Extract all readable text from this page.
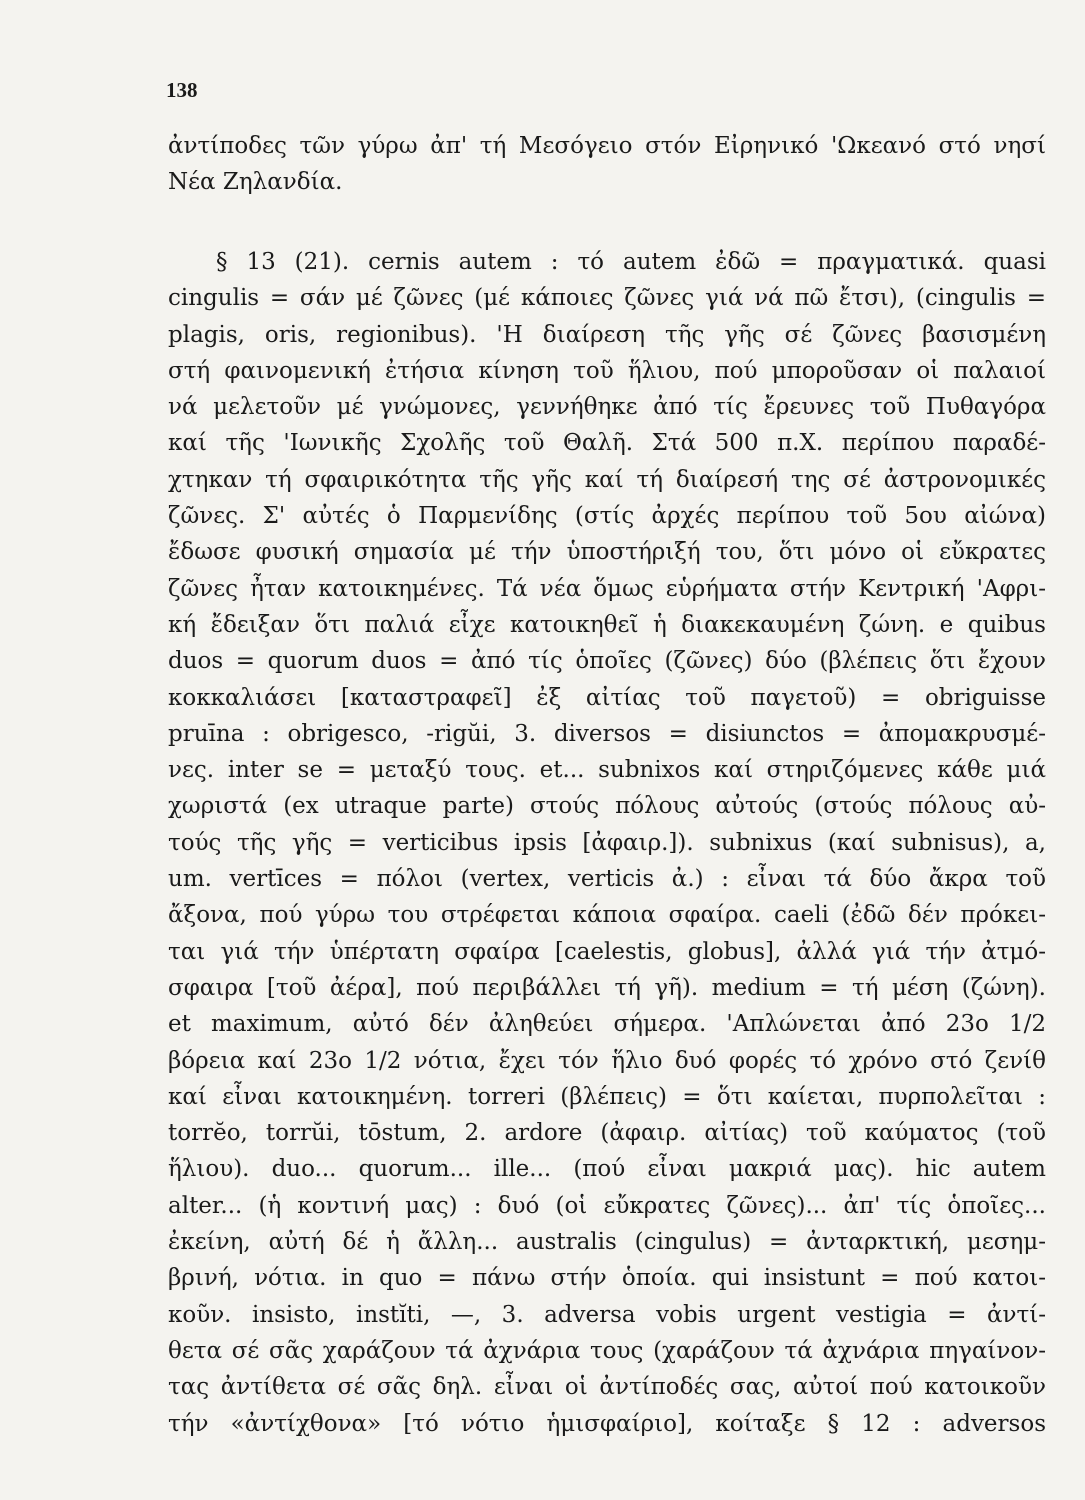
138
ἀντίποδες τῶν γύρω ἀπ' τή Μεσόγειο στόν Εἰρηνικό 'Ωκεανό στό νησί
Νέα Ζηλανδία.
§ 13 (21). cernis autem : τό autem ἐδῶ = πραγματικά. quasi
cingulis = σάν μέ ζῶνες (μέ κάποιες ζῶνες γιά νά πῶ ἔτσι), (cingulis =
plagis, oris, regionibus). 'Η διαίρεση τῆς γῆς σέ ζῶνες βασισμένη
στή φαινομενική ἐτήσια κίνηση τοῦ ἥλιου, πού μποροῦσαν οἱ παλαιοί
νά μελετοῦν μέ γνώμονες, γεννήθηκε ἀπό τίς ἔρευνες τοῦ Πυθαγόρα
καί τῆς 'Ιωνικῆς Σχολῆς τοῦ Θαλῆ. Στά 500 π.Χ. περίπου παραδέ-
χτηκαν τή σφαιρικότητα τῆς γῆς καί τή διαίρεσή της σέ ἀστρονομικές
ζῶνες. Σ' αὐτές ὁ Παρμενίδης (στίς ἀρχές περίπου τοῦ 5ου αἰώνα)
ἔδωσε φυσική σημασία μέ τήν ὑποστήριξή του, ὅτι μόνο οἱ εὔκρατες
ζῶνες ἦταν κατοικημένες. Τά νέα ὅμως εὑρήματα στήν Κεντρική 'Αφρι-
κή ἔδειξαν ὅτι παλιά εἶχε κατοικηθεῖ ἡ διακεκαυμένη ζώνη. e quibus
duos = quorum duos = ἀπό τίς ὁποῖες (ζῶνες) δύο (βλέπεις ὅτι ἔχουν
κοκκαλιάσει [καταστραφεῖ] ἐξ αἰτίας τοῦ παγετοῦ) = obriguisse
pruīna : obrigesco, -rigŭi, 3. diversos = disiunctos = ἀπομακρυσμέ-
νες. inter se = μεταξύ τους. et... subnixos καί στηριζόμενες κάθε μιά
χωριστά (ex utraque parte) στούς πόλους αὐτούς (στούς πόλους αὐ-
τούς τῆς γῆς = verticibus ipsis [ἀφαιρ.]). subnixus (καί subnisus), a,
um. vertīces = πόλοι (vertex, verticis ἀ.) : εἶναι τά δύο ἄκρα τοῦ
ἄξονα, πού γύρω του στρέφεται κάποια σφαίρα. caeli (ἐδῶ δέν πρόκει-
ται γιά τήν ὑπέρτατη σφαίρα [caelestis, globus], ἀλλά γιά τήν ἀτμό-
σφαιρα [τοῦ ἀέρα], πού περιβάλλει τή γῆ). medium = τή μέση (ζώνη).
et maximum, αὐτό δέν ἀληθεύει σήμερα. 'Απλώνεται ἀπό 23ο 1/2
βόρεια καί 23ο 1/2 νότια, ἔχει τόν ἥλιο δυό φορές τό χρόνο στό ζενίθ
καί εἶναι κατοικημένη. torreri (βλέπεις) = ὅτι καίεται, πυρπολεῖται :
torrĕo, torrŭi, tōstum, 2. ardore (ἀφαιρ. αἰτίας) τοῦ καύματος (τοῦ
ἥλιου). duo... quorum... ille... (πού εἶναι μακριά μας). hic autem
alter... (ἡ κοντινή μας) : δυό (οἱ εὔκρατες ζῶνες)... ἀπ' τίς ὁποῖες...
ἐκείνη, αὐτή δέ ἡ ἄλλη... australis (cingulus) = ἀνταρκτική, μεσημ-
βρινή, νότια. in quo = πάνω στήν ὁποία. qui insistunt = πού κατοι-
κοῦν. insisto, instĭti, —, 3. adversa vobis urgent vestigia = ἀντί-
θετα σέ σᾶς χαράζουν τά ἀχνάρια τους (χαράζουν τά ἀχνάρια πηγαίνον-
τας ἀντίθετα σέ σᾶς δηλ. εἶναι οἱ ἀντίποδές σας, αὐτοί πού κατοικοῦν
τήν «ἀντίχθονα» [τό νότιο ἡμισφαίριο], κοίταξε § 12 : adversos
